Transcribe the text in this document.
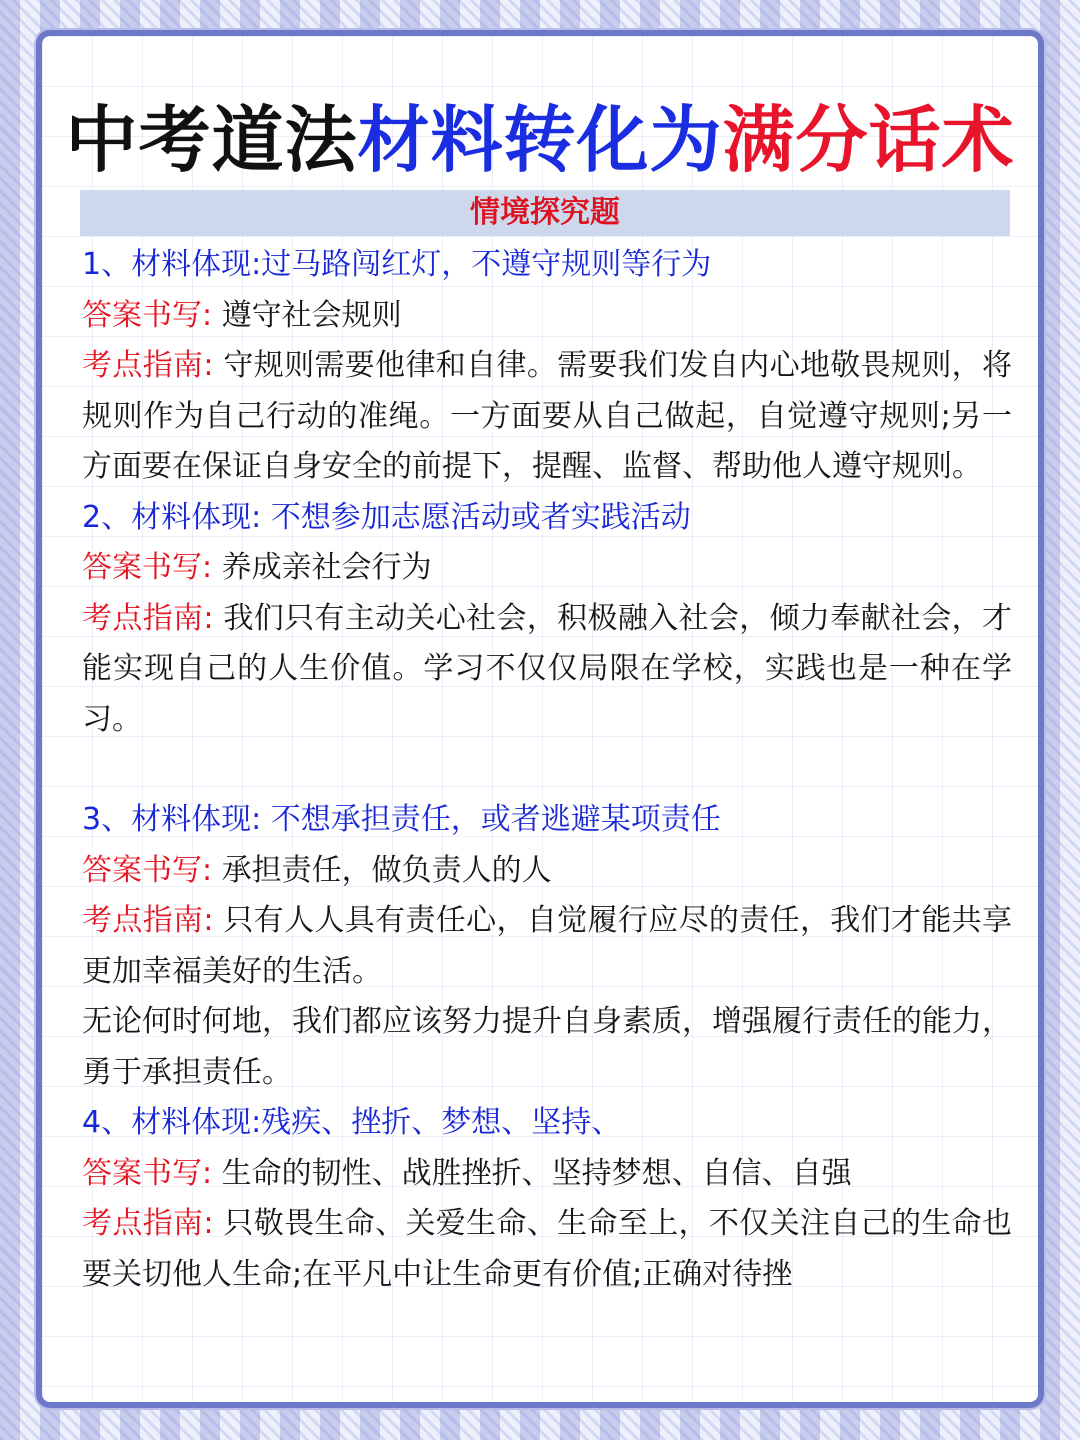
中考道法材料转化为满分话术
情境探究题
1、材料体现:过马路闯红灯，不遵守规则等行为
答案书写: 遵守社会规则
考点指南: 守规则需要他律和自律。需要我们发自内心地敬畏规则，将规则作为自己行动的准绳。一方面要从自己做起，自觉遵守规则;另一方面要在保证自身安全的前提下，提醒、监督、帮助他人遵守规则。
2、材料体现: 不想参加志愿活动或者实践活动
答案书写: 养成亲社会行为
考点指南: 我们只有主动关心社会，积极融入社会，倾力奉献社会，才能实现自己的人生价值。学习不仅仅局限在学校，实践也是一种在学习。
3、材料体现: 不想承担责任，或者逃避某项责任
答案书写: 承担责任，做负责人的人
考点指南: 只有人人具有责任心，自觉履行应尽的责任，我们才能共享更加幸福美好的生活。
无论何时何地，我们都应该努力提升自身素质，增强履行责任的能力，勇于承担责任。
4、材料体现:残疾、挫折、梦想、坚持、
答案书写: 生命的韧性、战胜挫折、坚持梦想、自信、自强
考点指南: 只敬畏生命、关爱生命、生命至上，不仅关注自己的生命也要关切他人生命;在平凡中让生命更有价值;正确对待挫
